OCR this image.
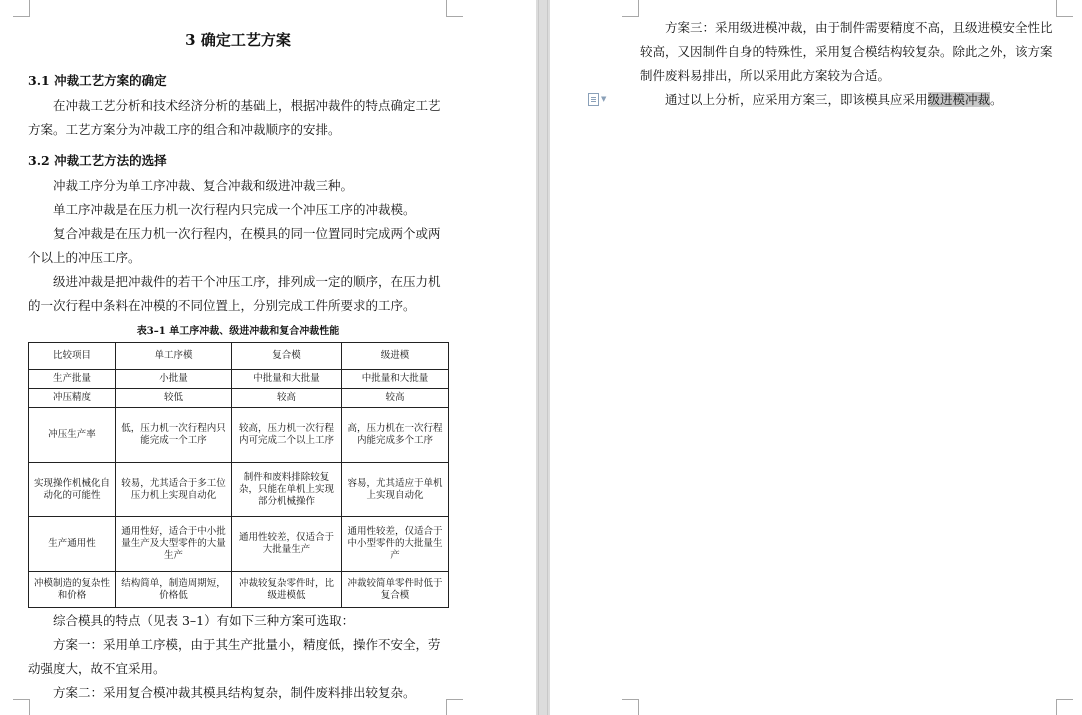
3 确定工艺方案
3.1 冲裁工艺方案的确定

在冲裁工艺分析和技术经济分析的基础上，根据冲裁件的特点确定工艺方案。工艺方案分为冲裁工序的组合和冲裁顺序的安排。

3.2 冲裁工艺方法的选择

冲裁工序分为单工序冲裁、复合冲裁和级进冲裁三种。

单工序冲裁是在压力机一次行程内只完成一个冲压工序的冲裁模。

复合冲裁是在压力机一次行程内，在模具的同一位置同时完成两个或两个以上的冲压工序。

级进冲裁是把冲裁件的若干个冲压工序，排列成一定的顺序，在压力机的一次行程中条料在冲模的不同位置上，分别完成工件所要求的工序。

表3–1 单工序冲裁、级进冲裁和复合冲裁性能
比较项目	单工序模	复合模	级进模
生产批量	小批量	中批量和大批量	中批量和大批量
冲压精度	较低	较高	较高
冲压生产率	低，压力机一次行程内只能完成一个工序	较高，压力机一次行程内可完成二个以上工序	高，压力机在一次行程内能完成多个工序
实现操作机械化自动化的可能性	较易，尤其适合于多工位压力机上实现自动化	制件和废料排除较复杂，只能在单机上实现部分机械操作	容易，尤其适应于单机上实现自动化
生产通用性	通用性好，适合于中小批量生产及大型零件的大量生产	通用性较差，仅适合于大批量生产	通用性较差，仅适合于中小型零件的大批量生产
冲模制造的复杂性和价格	结构简单，制造周期短，价格低	冲裁较复杂零件时，比级进模低	冲裁较简单零件时低于复合模

综合模具的特点（见表 3–1）有如下三种方案可选取：

方案一：采用单工序模，由于其生产批量小，精度低，操作不安全，劳动强度大，故不宜采用。

方案二：采用复合模冲裁其模具结构复杂，制件废料排出较复杂。

方案三：采用级进模冲裁，由于制件需要精度不高，且级进模安全性比较高，又因制件自身的特殊性，采用复合模结构较复杂。除此之外，该方案制件废料易排出，所以采用此方案较为合适。

通过以上分析，应采用方案三，即该模具应采用级进模冲裁。

▼
